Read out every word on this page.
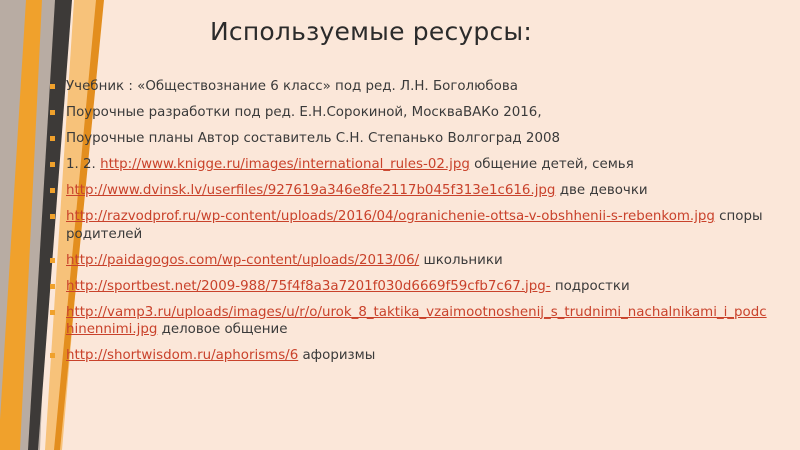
Используемые ресурсы:
Учебник : «Обществознание 6 класс» под ред. Л.Н. Боголюбова
Поурочные разработки под ред. Е.Н.Сорокиной, МоскваВАКо 2016,
Поурочные планы Автор составитель С.Н. Степанько Волгоград 2008
1. 2. http://www.knigge.ru/images/international_rules-02.jpg общение детей, семья
http://www.dvinsk.lv/userfiles/927619a346e8fe2117b045f313e1c616.jpg две девочки
http://razvodprof.ru/wp-content/uploads/2016/04/ogranichenie-ottsa-v-obshhenii-s-rebenkom.jpg споры родителей
http://paidagogos.com/wp-content/uploads/2013/06/ школьники
http://sportbest.net/2009-988/75f4f8a3a7201f030d6669f59cfb7c67.jpg- подростки
http://vamp3.ru/uploads/images/u/r/o/urok_8_taktika_vzaimootnoshenij_s_trudnimi_nachalnikami_i_podchinennimi.jpg деловое общение
http://shortwisdom.ru/aphorisms/6 афоризмы
